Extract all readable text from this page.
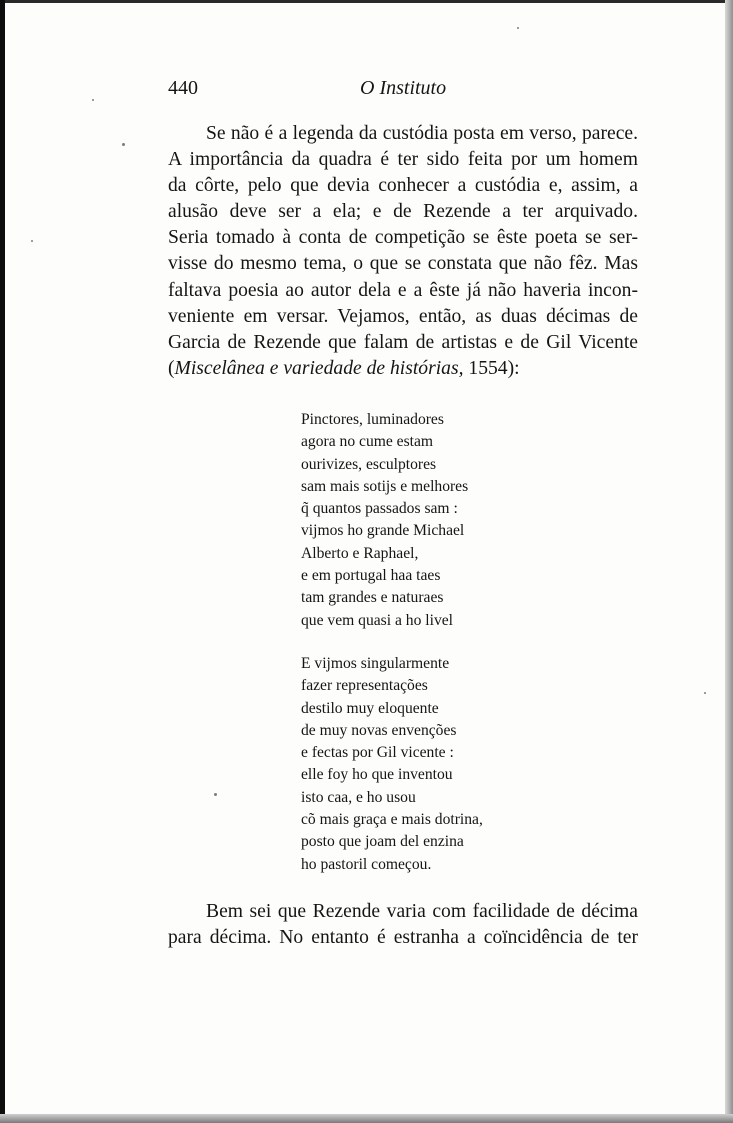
440	O Instituto
Se não é a legenda da custódia posta em verso, parece.
A importância da quadra é ter sido feita por um homem
da côrte, pelo que devia conhecer a custódia e, assim, a
alusão deve ser a ela; e de Rezende a ter arquivado.
Seria tomado à conta de competição se êste poeta se ser-
visse do mesmo tema, o que se constata que não fêz. Mas
faltava poesia ao autor dela e a êste já não haveria incon-
veniente em versar. Vejamos, então, as duas décimas de
Garcia de Rezende que falam de artistas e de Gil Vicente
(Miscelânea e variedade de histórias, 1554):
Pinctores, luminadores
agora no cume estam
ourivizes, esculptores
sam mais sotijs e melhores
q̃ quantos passados sam :
vijmos ho grande Michael
Alberto e Raphael,
e em portugal haa taes
tam grandes e naturaes
que vem quasi a ho livel
E vijmos singularmente
fazer representações
destilo muy eloquente
de muy novas envenções
e fectas por Gil vicente :
elle foy ho que inventou
isto caa, e ho usou
cõ mais graça e mais dotrina,
posto que joam del enzina
ho pastoril começou.
Bem sei que Rezende varia com facilidade de décima
para décima. No entanto é estranha a coïncidência de ter
